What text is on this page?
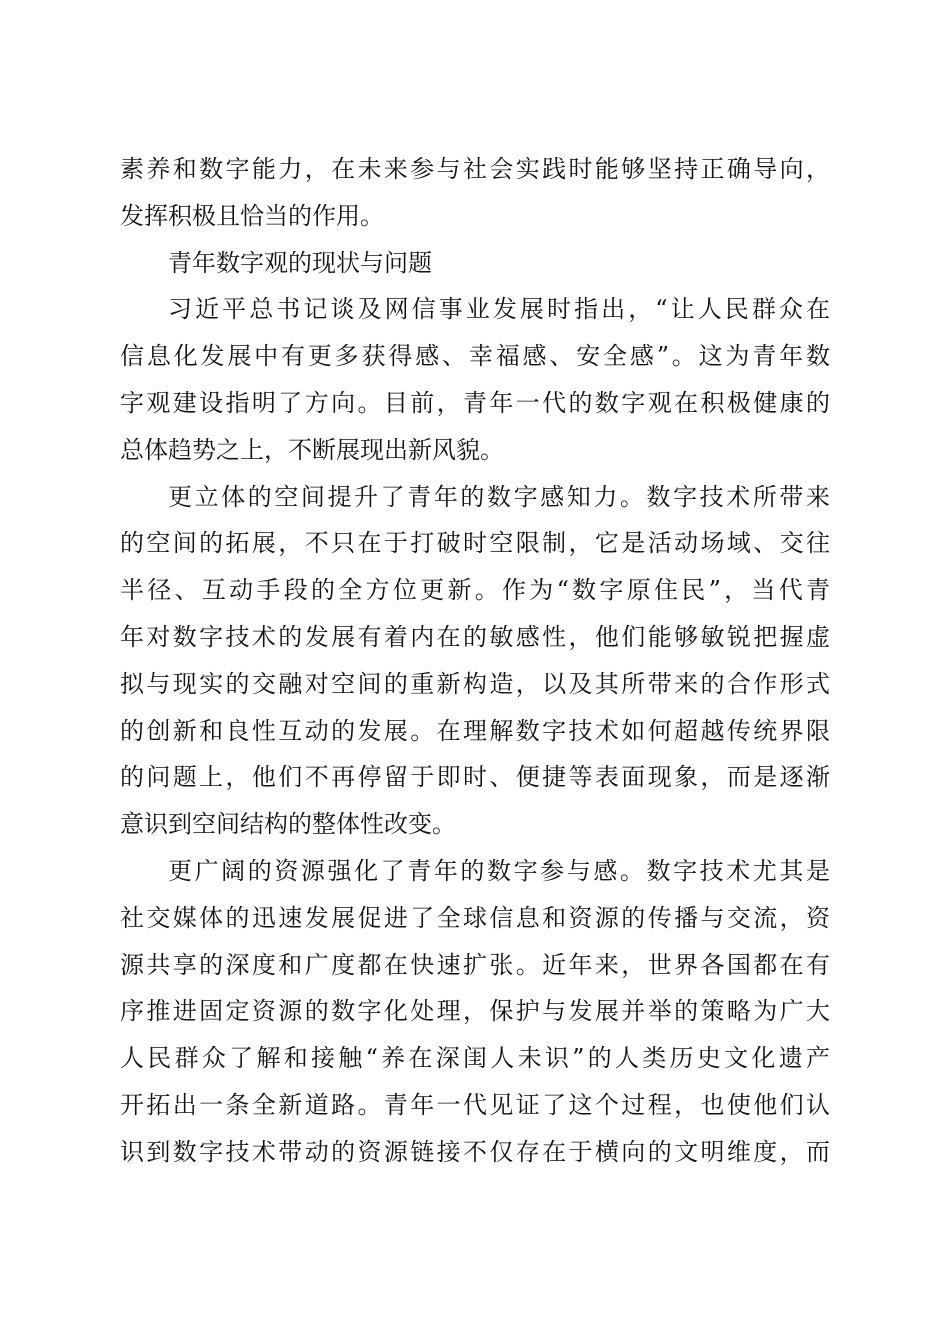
素养和数字能力，在未来参与社会实践时能够坚持正确导向，
发挥积极且恰当的作用。
青年数字观的现状与问题
习近平总书记谈及网信事业发展时指出，“让人民群众在
信息化发展中有更多获得感、幸福感、安全感”。这为青年数
字观建设指明了方向。目前，青年一代的数字观在积极健康的
总体趋势之上，不断展现出新风貌。
更立体的空间提升了青年的数字感知力。数字技术所带来
的空间的拓展，不只在于打破时空限制，它是活动场域、交往
半径、互动手段的全方位更新。作为“数字原住民”，当代青
年对数字技术的发展有着内在的敏感性，他们能够敏锐把握虚
拟与现实的交融对空间的重新构造，以及其所带来的合作形式
的创新和良性互动的发展。在理解数字技术如何超越传统界限
的问题上，他们不再停留于即时、便捷等表面现象，而是逐渐
意识到空间结构的整体性改变。
更广阔的资源强化了青年的数字参与感。数字技术尤其是
社交媒体的迅速发展促进了全球信息和资源的传播与交流，资
源共享的深度和广度都在快速扩张。近年来，世界各国都在有
序推进固定资源的数字化处理，保护与发展并举的策略为广大
人民群众了解和接触“养在深闺人未识”的人类历史文化遗产
开拓出一条全新道路。青年一代见证了这个过程，也使他们认
识到数字技术带动的资源链接不仅存在于横向的文明维度，而
